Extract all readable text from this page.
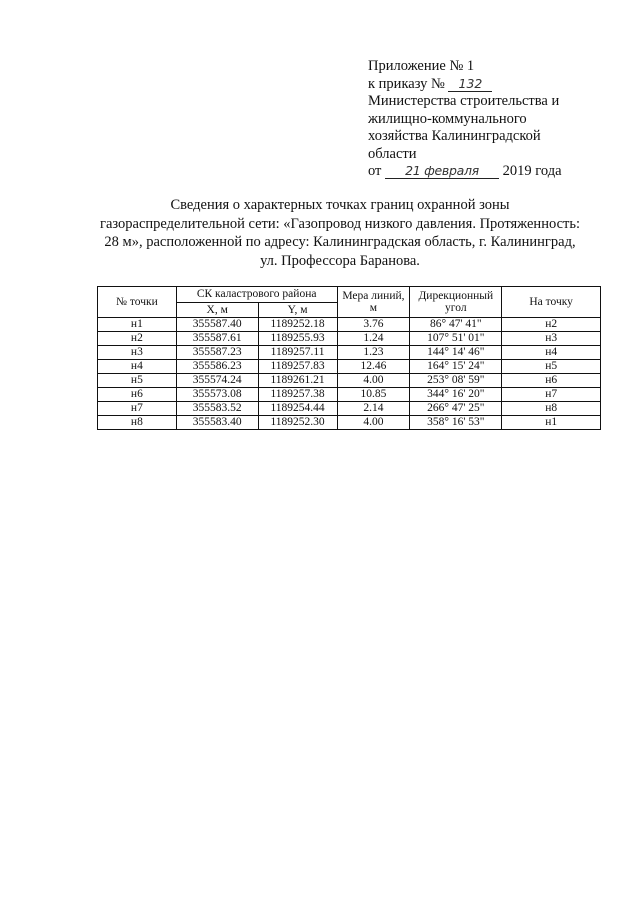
Приложение № 1
к приказу № 132
Министерства строительства и
жилищно-коммунального
хозяйства Калининградской
области
от 21 февраля 2019 года
Сведения о характерных точках границ охранной зоны
газораспределительной сети: «Газопровод низкого давления. Протяженность:
28 м», расположенной по адресу: Калининградская область, г. Калининград,
ул. Профессора Баранова.
№ точки	СК каластрового района		Мера линий, м	Дирекционный угол	На точку
	X, м	Y, м			
н1	355587.40	1189252.18	3.76	86° 47' 41"	н2
н2	355587.61	1189255.93	1.24	107° 51' 01"	н3
н3	355587.23	1189257.11	1.23	144° 14' 46"	н4
н4	355586.23	1189257.83	12.46	164° 15' 24"	н5
н5	355574.24	1189261.21	4.00	253° 08' 59"	н6
н6	355573.08	1189257.38	10.85	344° 16' 20"	н7
н7	355583.52	1189254.44	2.14	266° 47' 25"	н8
н8	355583.40	1189252.30	4.00	358° 16' 53"	н1
